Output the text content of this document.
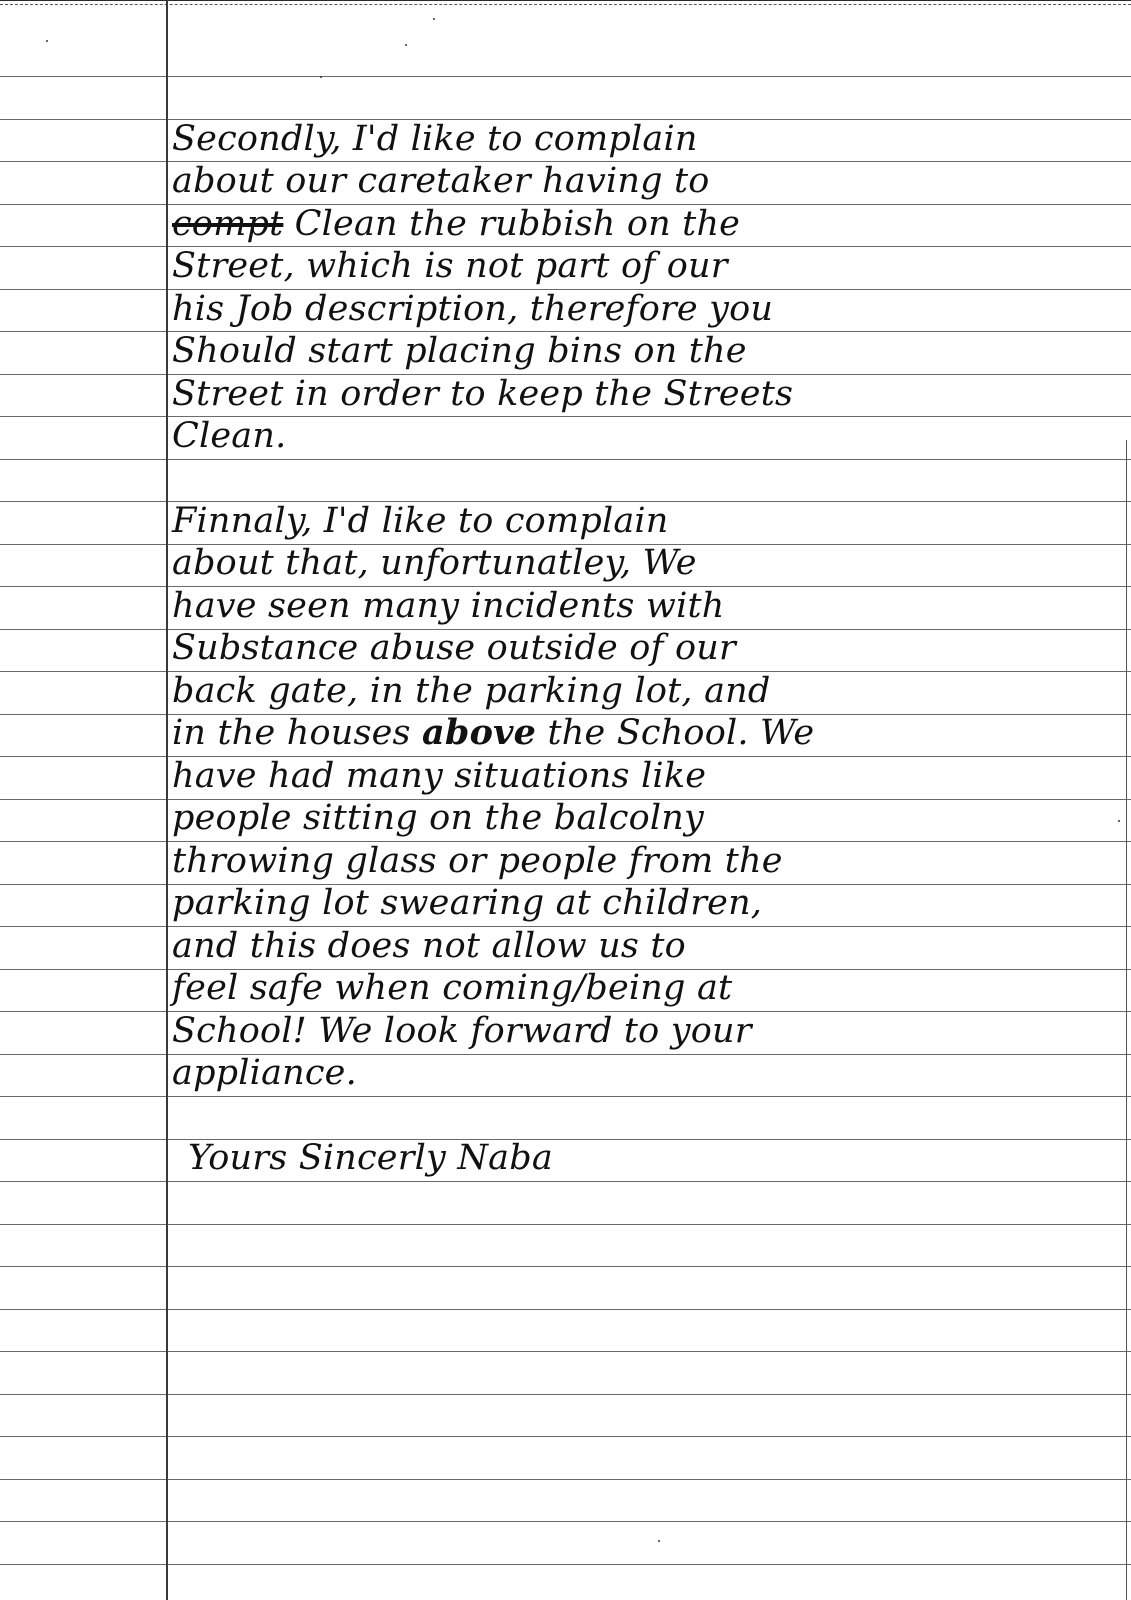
Secondly, I'd like to complain
about our caretaker having to
compt Clean the rubbish on the
Street, which is not part of our
his Job description, therefore you
Should start placing bins on the
Street in order to keep the Streets
Clean.
Finnaly, I'd like to complain
about that, unfortunatley, We
have seen many incidents with
Substance abuse outside of our
back gate, in the parking lot, and
in the houses above the School. We
have had many situations like
people sitting on the balcolny
throwing glass or people from the
parking lot swearing at children,
and this does not allow us to
feel safe when coming/being at
School! We look forward to your
appliance.
Yours Sincerly Naba
